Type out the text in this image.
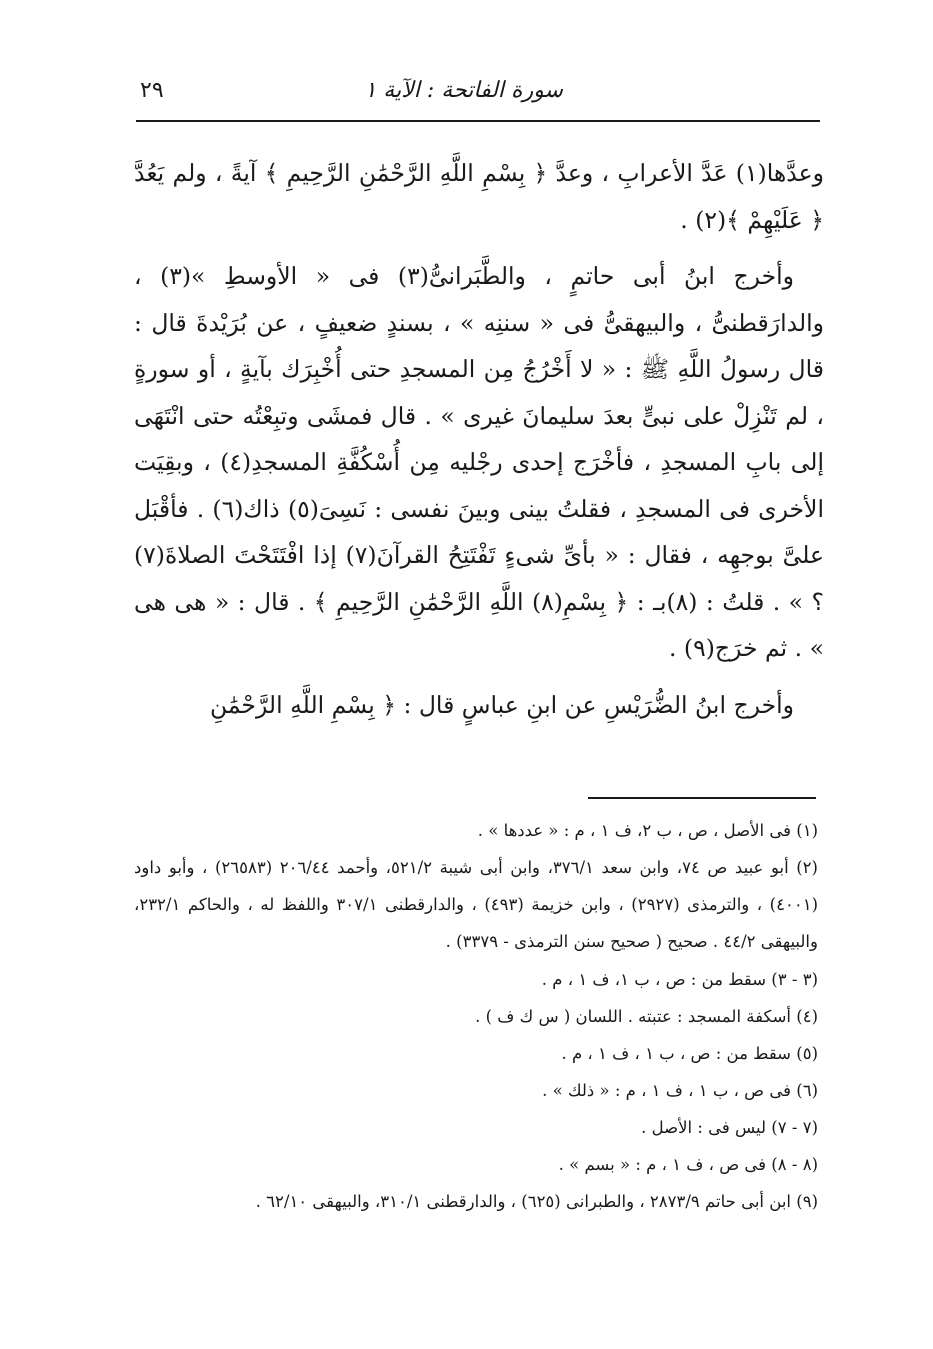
سورة الفاتحة : الآية ١
٢٩

وعدَّها(١) عَدَّ الأعرابِ ، وعدَّ ﴿ بِسْمِ اللَّهِ الرَّحْمَٰنِ الرَّحِيمِ ﴾ آيةً ، ولم يَعُدَّ ﴿ عَلَيْهِمْ ﴾(٢) .

وأخرج ابنُ أبى حاتمٍ ، والطَّبَرانىُّ(٣) فى « الأوسطِ »(٣) ، والدارَقطنىُّ ، والبيهقىُّ فى « سننِه » ، بسندٍ ضعيفٍ ، عن بُرَيْدةَ قال : قال رسولُ اللَّهِ ﷺ : « لا أَخْرُجُ مِن المسجدِ حتى أُخْبِرَك بآيةٍ ، أو سورةٍ ، لم تَنْزِلْ على نبىٍّ بعدَ سليمانَ غيرى » . قال فمشَى وتبِعْتُه حتى انْتَهَى إلى بابِ المسجدِ ، فأخْرَج إحدى رجْليه مِن أُسْكُفَّةِ المسجدِ(٤) ، وبقِيَت الأخرى فى المسجدِ ، فقلتُ بينى وبينَ نفسى : نَسِىَ(٥) ذاك(٦) . فأقْبَل علىَّ بوجهِه ، فقال : « بأىِّ شىءٍ تَفْتَتِحُ القرآنَ(٧) إذا افْتَتَحْتَ الصلاةَ(٧) ؟ » . قلتُ : (٨)بـ : ﴿ بِسْمِ(٨) اللَّهِ الرَّحْمَٰنِ الرَّحِيمِ ﴾ . قال : « هى هى » . ثم خرَج(٩) .

وأخرج ابنُ الضُّرَيْسِ عن ابنِ عباسٍ قال : ﴿ بِسْمِ اللَّهِ الرَّحْمَٰنِ

(١) فى الأصل ، ص ، ب ٢، ف ١ ، م : « عددها » .
(٢) أبو عبيد ص ٧٤، وابن سعد ٣٧٦/١، وابن أبى شيبة ٥٢١/٢، وأحمد ٢٠٦/٤٤ (٢٦٥٨٣) ، وأبو داود (٤٠٠١) ، والترمذى (٢٩٢٧) ، وابن خزيمة (٤٩٣) ، والدارقطنى ٣٠٧/١ واللفظ له ، والحاكم ٢٣٢/١، والبيهقى ٤٤/٢ . صحيح ( صحيح سنن الترمذى - ٣٣٧٩) .
(٣ - ٣) سقط من : ص ، ب ١، ف ١ ، م .
(٤) أسكفة المسجد : عتبته . اللسان ( س ك ف ) .
(٥) سقط من : ص ، ب ١ ، ف ١ ، م .
(٦) فى ص ، ب ١ ، ف ١ ، م : « ذلك » .
(٧ - ٧) ليس فى : الأصل .
(٨ - ٨) فى ص ، ف ١ ، م : « بسم » .
(٩) ابن أبى حاتم ٢٨٧٣/٩ ، والطبرانى (٦٢٥) ، والدارقطنى ٣١٠/١، والبيهقى ٦٢/١٠ .
